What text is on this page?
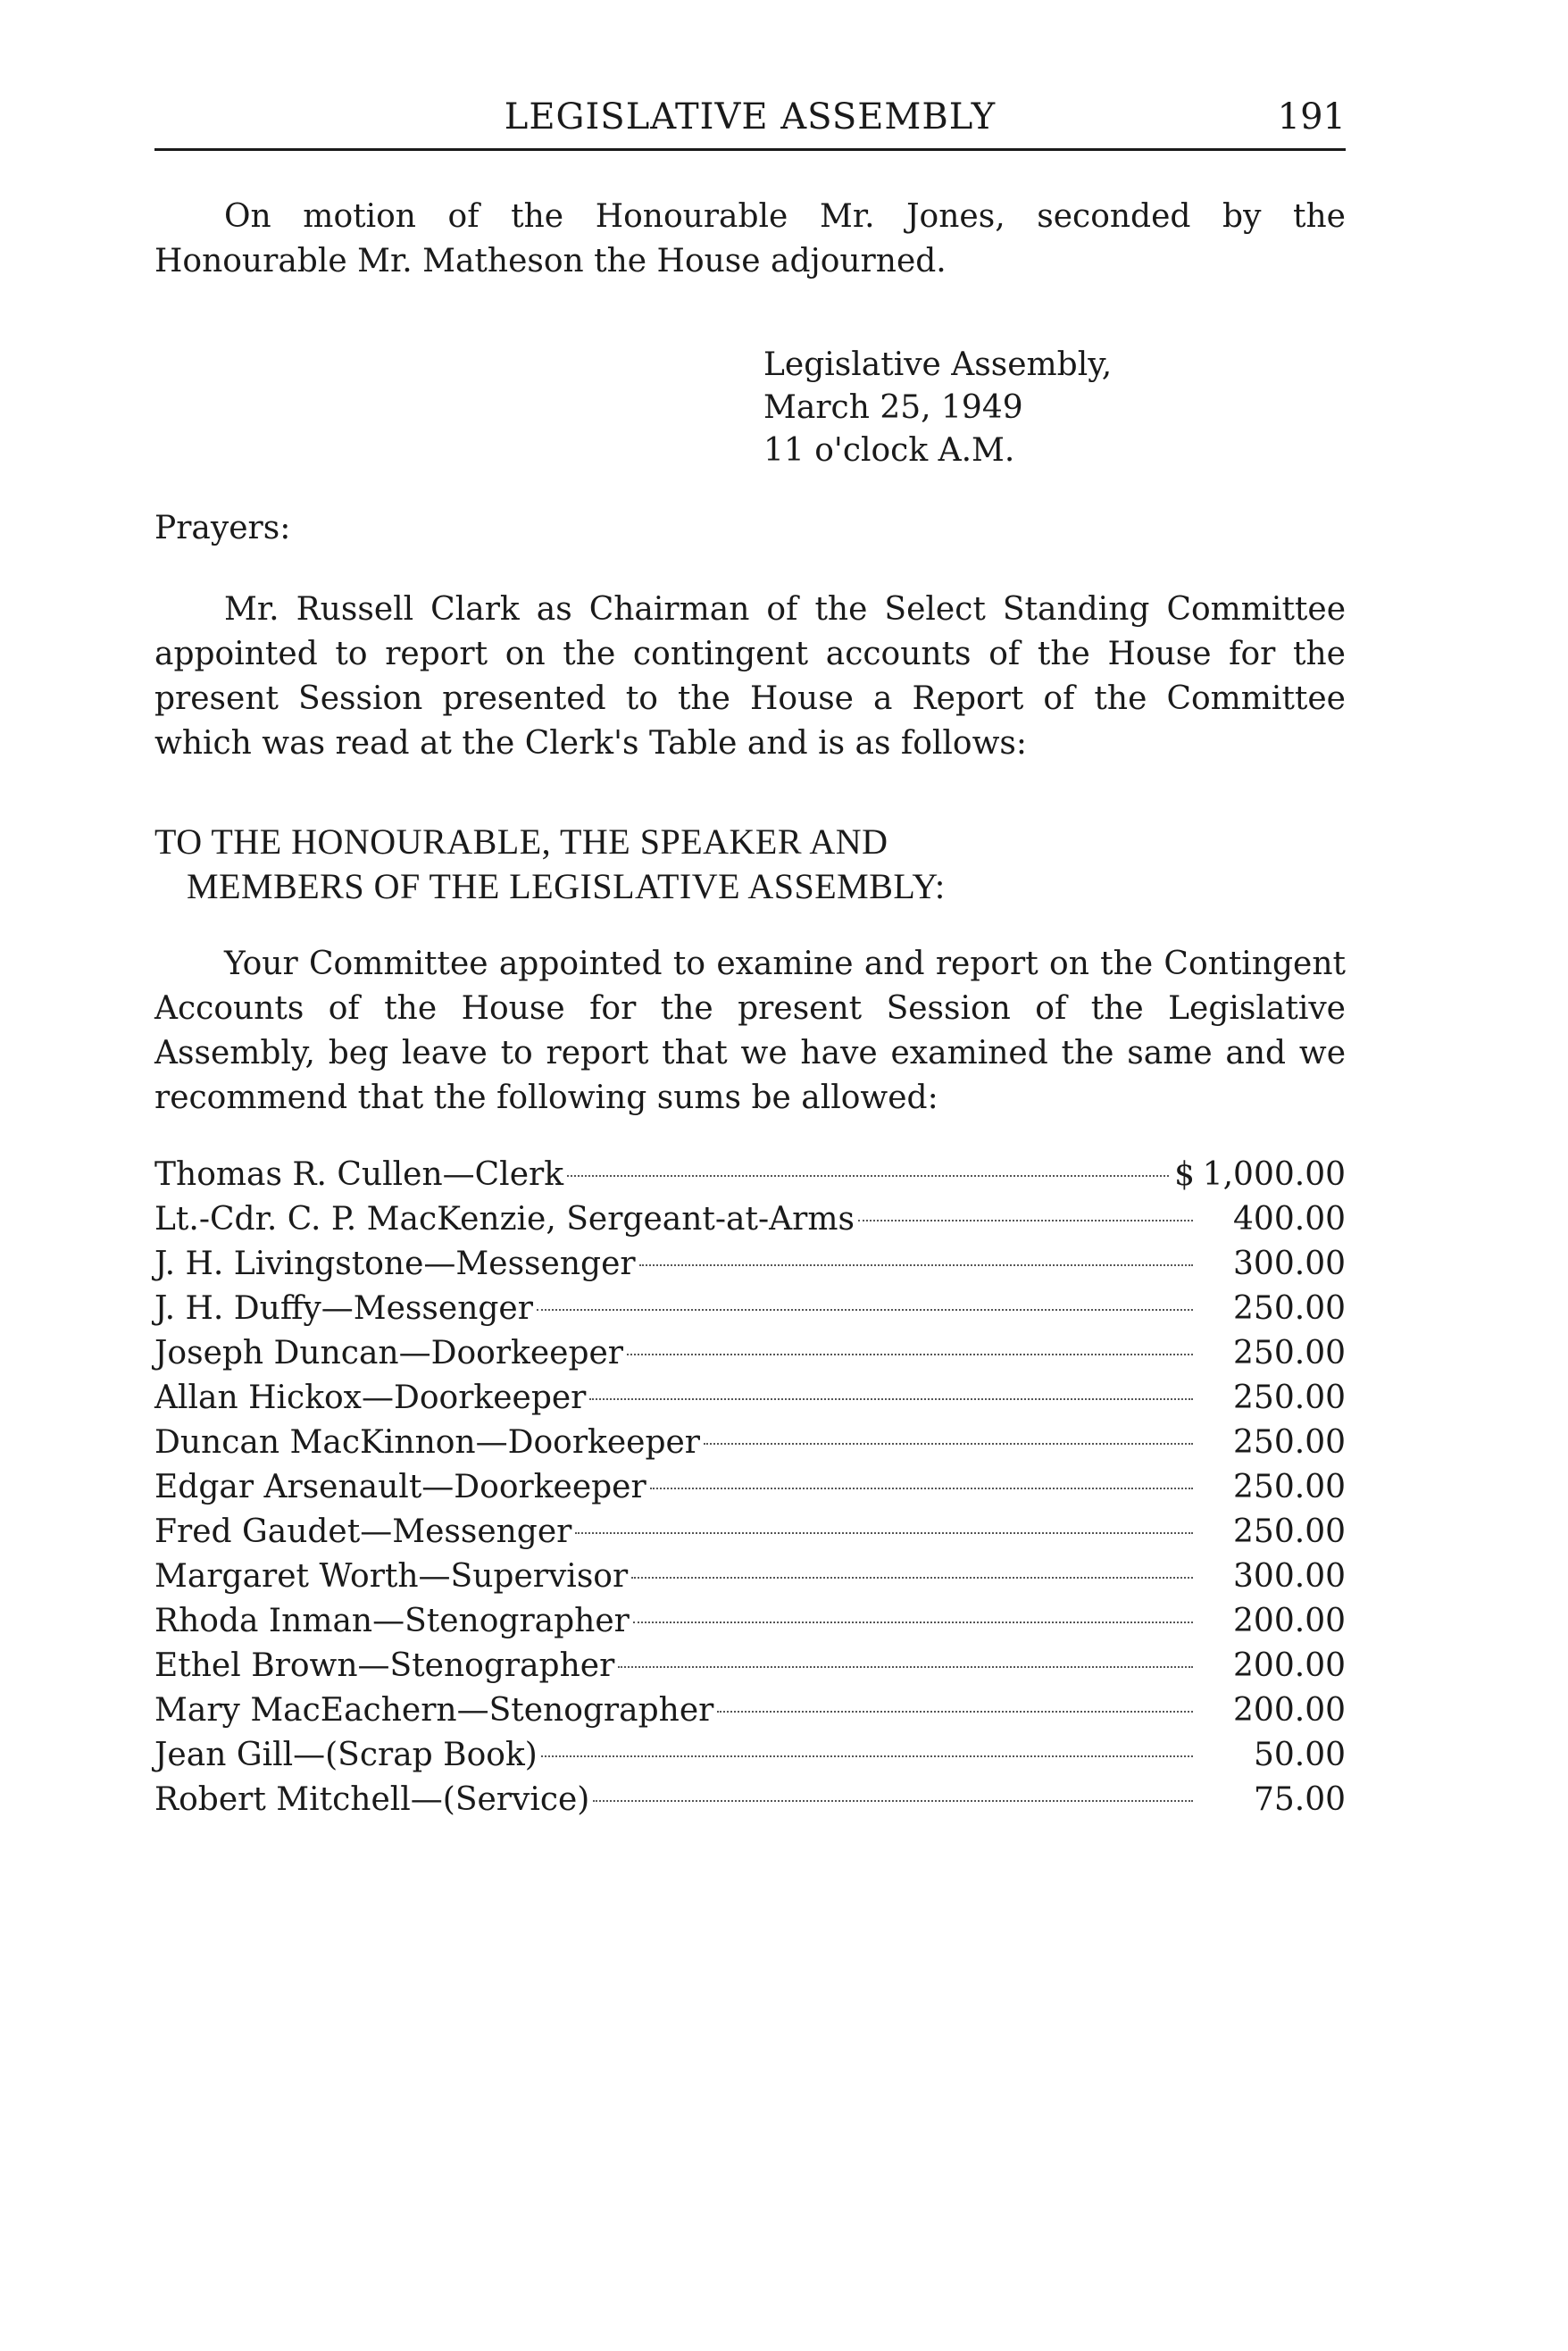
LEGISLATIVE ASSEMBLY	191

On motion of the Honourable Mr. Jones, seconded by the Honourable Mr. Matheson the House adjourned.

Legislative Assembly,
March 25, 1949
11 o'clock A.M.
Prayers:

Mr. Russell Clark as Chairman of the Select Standing Committee appointed to report on the contingent accounts of the House for the present Session presented to the House a Report of the Committee which was read at the Clerk's Table and is as follows:

TO THE HONOURABLE, THE SPEAKER AND
MEMBERS OF THE LEGISLATIVE ASSEMBLY:

Your Committee appointed to examine and report on the Contingent Accounts of the House for the present Session of the Legislative Assembly, beg leave to report that we have examined the same and we recommend that the following sums be allowed:

Thomas R. Cullen—Clerk	$ 1,000.00
Lt.-Cdr. C. P. MacKenzie, Sergeant-at-Arms	400.00
J. H. Livingstone—Messenger	300.00
J. H. Duffy—Messenger	250.00
Joseph Duncan—Doorkeeper	250.00
Allan Hickox—Doorkeeper	250.00
Duncan MacKinnon—Doorkeeper	250.00
Edgar Arsenault—Doorkeeper	250.00
Fred Gaudet—Messenger	250.00
Margaret Worth—Supervisor	300.00
Rhoda Inman—Stenographer	200.00
Ethel Brown—Stenographer	200.00
Mary MacEachern—Stenographer	200.00
Jean Gill—(Scrap Book)	50.00
Robert Mitchell—(Service)	75.00
